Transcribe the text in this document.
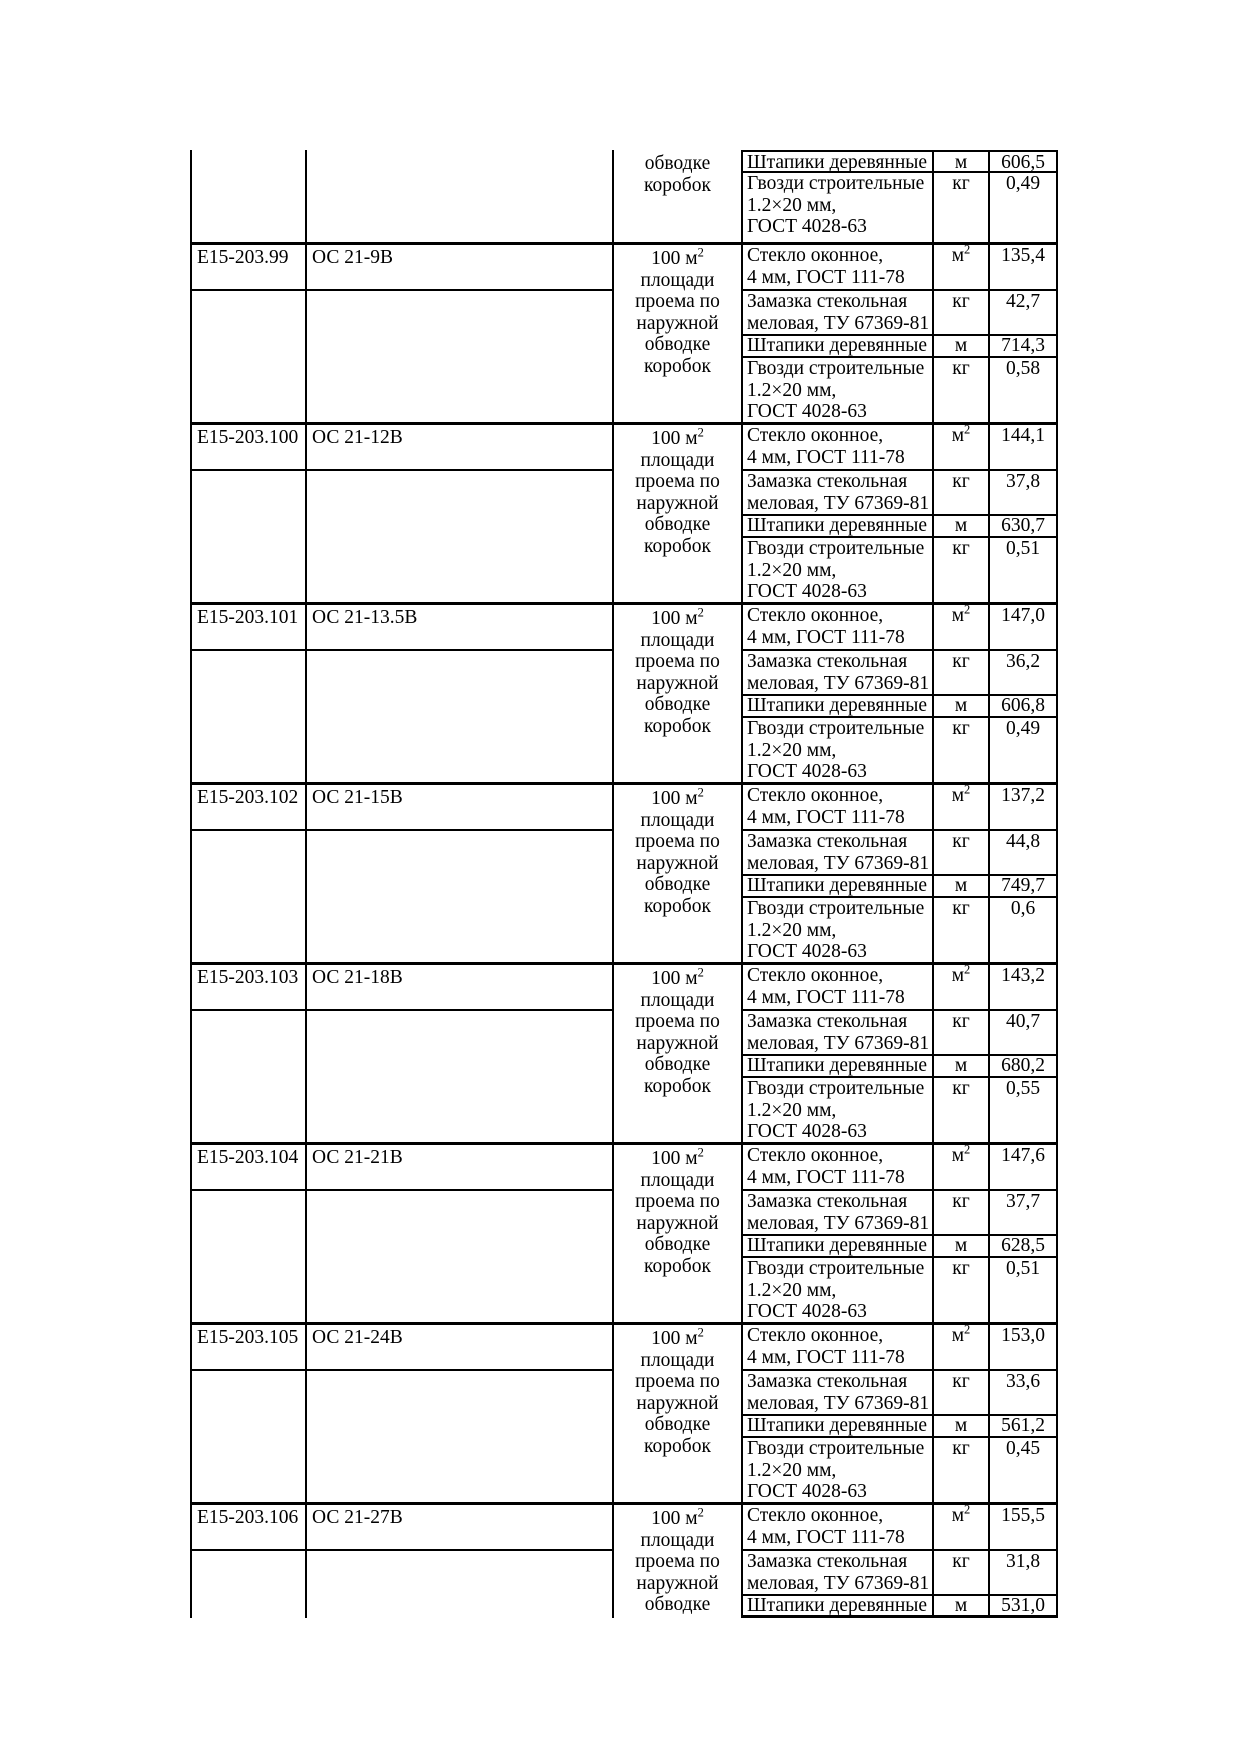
обводке
коробок
Штапики деревянные	м	606,5
Гвозди строительные
1.2×20 мм,
ГОСТ 4028-63
кг	0,49
Е15-203.99	ОС 21-9В	100 $м^2$
площади
проема по
наружной
обводке
коробок
Стекло оконное,
4 мм, ГОСТ 111-78
$м^2$	135,4
Замазка стекольная
меловая, ТУ 67369-81
кг	42,7
Штапики деревянные	м	714,3
Гвозди строительные
1.2×20 мм,
ГОСТ 4028-63
кг	0,58
Е15-203.100 ОС 21-12В	100 $м^2$
площади
проема по
наружной
обводке
коробок
Стекло оконное,
4 мм, ГОСТ 111-78
$м^2$	144,1
Замазка стекольная
меловая, ТУ 67369-81
кг	37,8
Штапики деревянные	м	630,7
Гвозди строительные
1.2×20 мм,
ГОСТ 4028-63
кг	0,51
Е15-203.101 ОС 21-13.5В	100 $м^2$
площади
проема по
наружной
обводке
коробок
Стекло оконное,
4 мм, ГОСТ 111-78
$м^2$	147,0
Замазка стекольная
меловая, ТУ 67369-81
кг	36,2
Штапики деревянные	м	606,8
Гвозди строительные
1.2×20 мм,
ГОСТ 4028-63
кг	0,49
Е15-203.102 ОС 21-15В	100 $м^2$
площади
проема по
наружной
обводке
коробок
Стекло оконное,
4 мм, ГОСТ 111-78
$м^2$	137,2
Замазка стекольная
меловая, ТУ 67369-81
кг	44,8
Штапики деревянные	м	749,7
Гвозди строительные
1.2×20 мм,
ГОСТ 4028-63
кг	0,6
Е15-203.103 ОС 21-18В	100 $м^2$
площади
проема по
наружной
обводке
коробок
Стекло оконное,
4 мм, ГОСТ 111-78
$м^2$	143,2
Замазка стекольная
меловая, ТУ 67369-81
кг	40,7
Штапики деревянные	м	680,2
Гвозди строительные
1.2×20 мм,
ГОСТ 4028-63
кг	0,55
Е15-203.104 ОС 21-21В	100 $м^2$
площади
проема по
наружной
обводке
коробок
Стекло оконное,
4 мм, ГОСТ 111-78
$м^2$	147,6
Замазка стекольная
меловая, ТУ 67369-81
кг	37,7
Штапики деревянные	м	628,5
Гвозди строительные
1.2×20 мм,
ГОСТ 4028-63
кг	0,51
Е15-203.105 ОС 21-24В	100 $м^2$
площади
проема по
наружной
обводке
коробок
Стекло оконное,
4 мм, ГОСТ 111-78
$м^2$	153,0
Замазка стекольная
меловая, ТУ 67369-81
кг	33,6
Штапики деревянные	м	561,2
Гвозди строительные
1.2×20 мм,
ГОСТ 4028-63
кг	0,45
Е15-203.106 ОС 21-27В	100 $м^2$
площади
проема по
наружной
обводке
Стекло оконное,
4 мм, ГОСТ 111-78
$м^2$	155,5
Замазка стекольная
меловая, ТУ 67369-81
кг	31,8
Штапики деревянные	м	531,0
